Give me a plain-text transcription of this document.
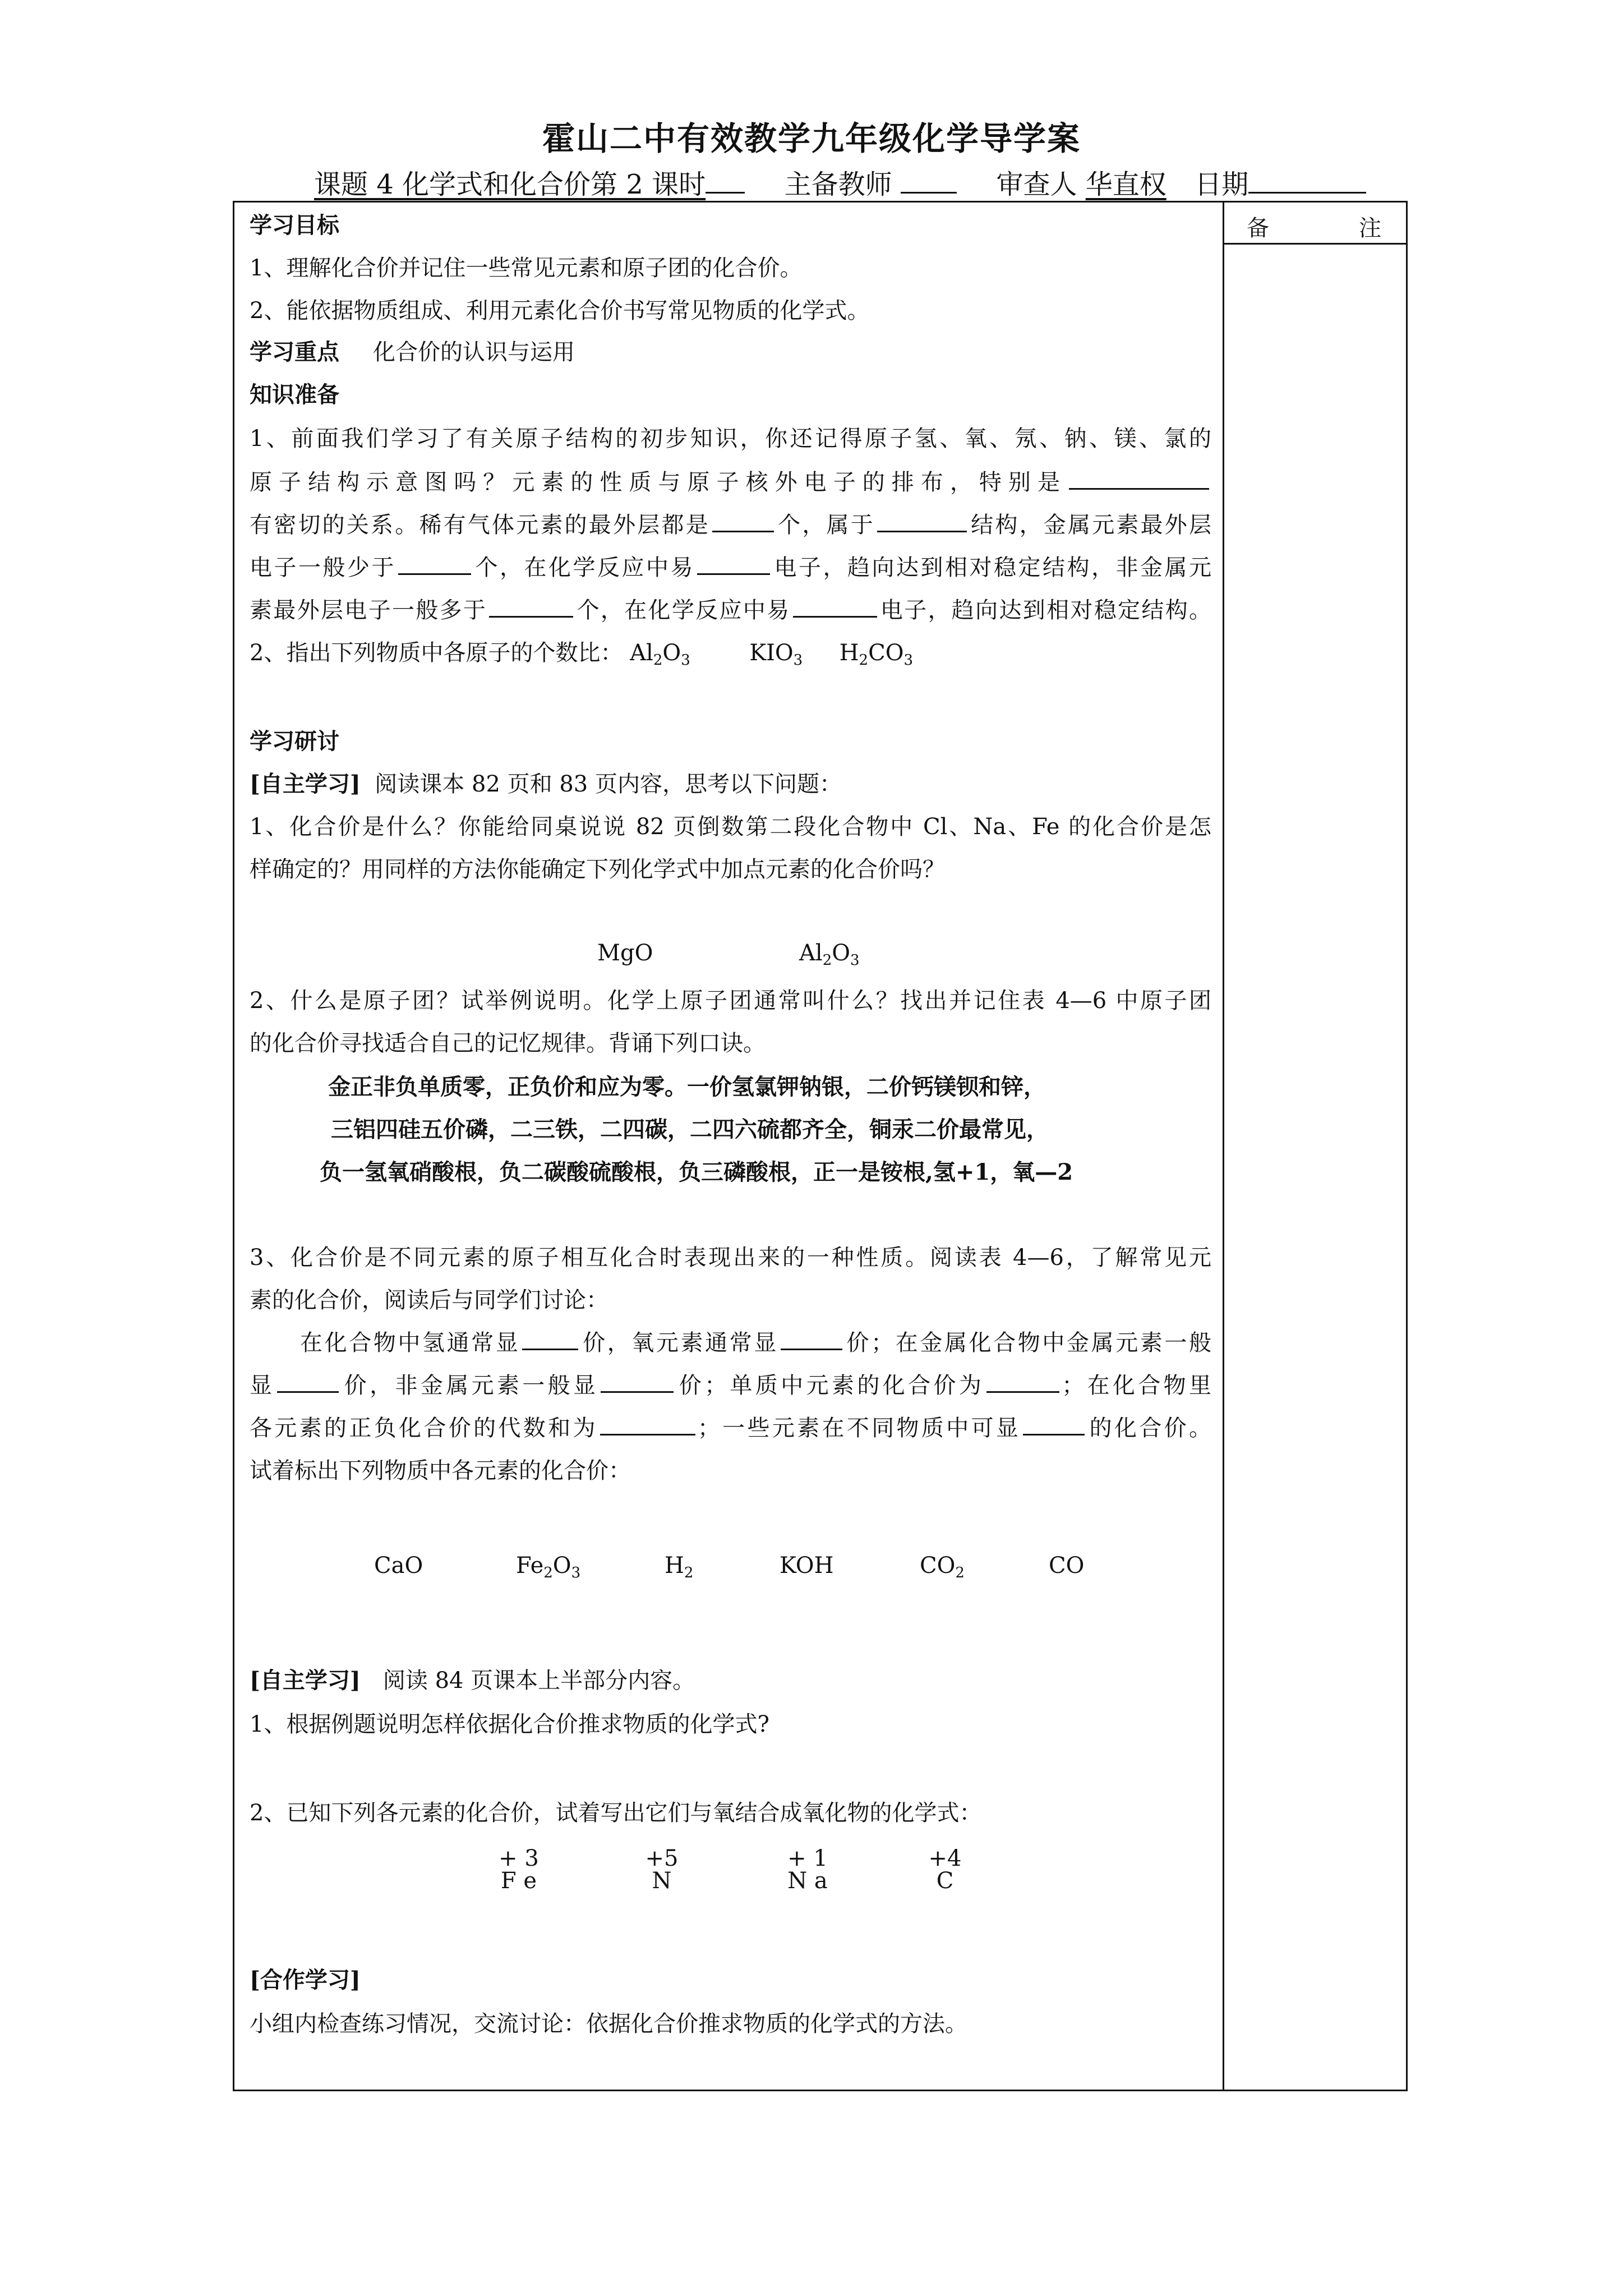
霍山二中有效教学九年级化学导学案
课题 4 化学式和化合价第 2 课时	主备教师	审查人 华直权 日期
备	注
学习目标
1、理解化合价并记住一些常见元素和原子团的化合价。
2、能依据物质组成、利用元素化合价书写常见物质的化学式。
学习重点 化合价的认识与运用
知识准备
1、前面我们学习了有关原子结构的初步知识，你还记得原子氢、氧、氖、钠、镁、氯的
原子结构示意图吗？元素的性质与原子核外电子的排布，特别是
有密切的关系。稀有气体元素的最外层都是	个，属于	结构，金属元素最外层
电子一般少于	个，在化学反应中易	电子，趋向达到相对稳定结构，非金属元
素最外层电子一般多于	个，在化学反应中易	电子，趋向达到相对稳定结构。
2、指出下列物质中各原子的个数比： $Al_2O_3$	$KIO_3$ $H_2CO_3$
学习研讨
[自主学习] 阅读课本 82 页和 83 页内容，思考以下问题：
1、化合价是什么？你能给同桌说说 82 页倒数第二段化合物中 Cl、Na、Fe 的化合价是怎
样确定的？用同样的方法你能确定下列化学式中加点元素的化合价吗？
MgO	$Al_2O_3$
2、什么是原子团？试举例说明。化学上原子团通常叫什么？找出并记住表 4—6 中原子团
的化合价寻找适合自己的记忆规律。背诵下列口诀。
金正非负单质零，正负价和应为零。一价氢氯钾钠银，二价钙镁钡和锌，
三铝四硅五价磷，二三铁，二四碳，二四六硫都齐全，铜汞二价最常见，
负一氢氧硝酸根，负二碳酸硫酸根，负三磷酸根，正一是铵根,氢+1，氧—2
3、化合价是不同元素的原子相互化合时表现出来的一种性质。阅读表 4—6，了解常见元
素的化合价，阅读后与同学们讨论：
在化合物中氢通常显	价，氧元素通常显	价；在金属化合物中金属元素一般
显	价，非金属元素一般显	价；单质中元素的化合价为	；在化合物里
各元素的正负化合价的代数和为	；一些元素在不同物质中可显	的化合价。
试着标出下列物质中各元素的化合价：
CaO	$Fe_2O_3$	$H_2$	KOH	$CO_2$	CO
[自主学习] 阅读 84 页课本上半部分内容。
1、根据例题说明怎样依据化合价推求物质的化学式?
2、已知下列各元素的化合价，试着写出它们与氧结合成氧化物的化学式：
+ 3
F e
+5
N
+ 1
N a
+4
C
[合作学习]
小组内检查练习情况，交流讨论：依据化合价推求物质的化学式的方法。
